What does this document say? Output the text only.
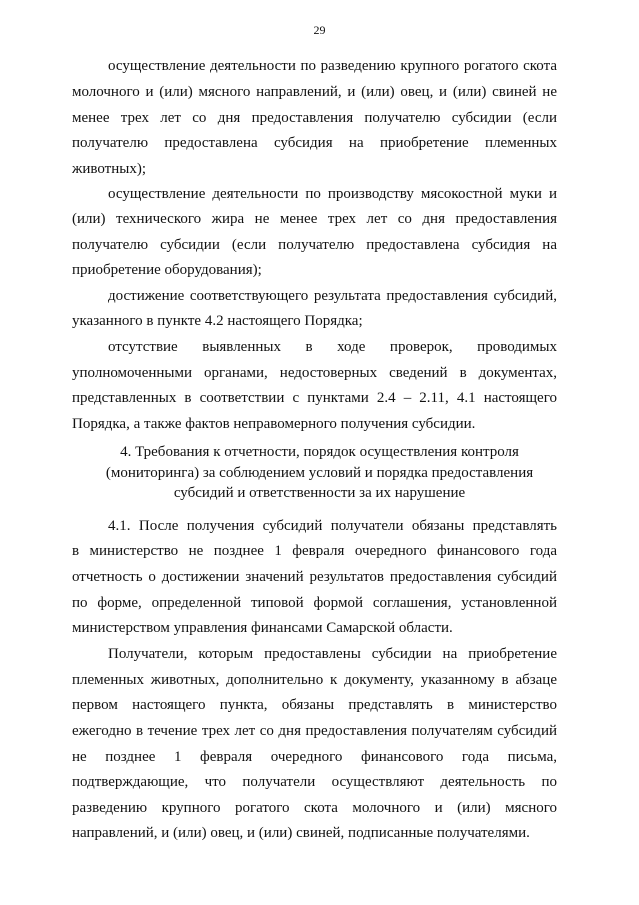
29
осуществление деятельности по разведению крупного рогатого скота
молочного и (или) мясного направлений, и (или) овец, и (или) свиней не
менее трех лет со дня предоставления получателю субсидии (если
получателю предоставлена субсидия на приобретение племенных
животных);
осуществление деятельности по производству мясокостной муки и
(или) технического жира не менее трех лет со дня предоставления
получателю субсидии (если получателю предоставлена субсидия на
приобретение оборудования);
достижение соответствующего результата предоставления субсидий,
указанного в пункте 4.2 настоящего Порядка;
отсутствие выявленных в ходе проверок, проводимых
уполномоченными органами, недостоверных сведений в документах,
представленных в соответствии с пунктами 2.4 – 2.11, 4.1 настоящего
Порядка, а также фактов неправомерного получения субсидии.
4. Требования к отчетности, порядок осуществления контроля
(мониторинга) за соблюдением условий и порядка предоставления
субсидий и ответственности за их нарушение
4.1. После получения субсидий получатели обязаны представлять
в министерство не позднее 1 февраля очередного финансового года
отчетность о достижении значений результатов предоставления субсидий
по форме, определенной типовой формой соглашения, установленной
министерством управления финансами Самарской области.
Получатели, которым предоставлены субсидии на приобретение
племенных животных, дополнительно к документу, указанному в абзаце
первом настоящего пункта, обязаны представлять в министерство
ежегодно в течение трех лет со дня предоставления получателям субсидий
не позднее 1 февраля очередного финансового года письма,
подтверждающие, что получатели осуществляют деятельность по
разведению крупного рогатого скота молочного и (или) мясного
направлений, и (или) овец, и (или) свиней, подписанные получателями.
